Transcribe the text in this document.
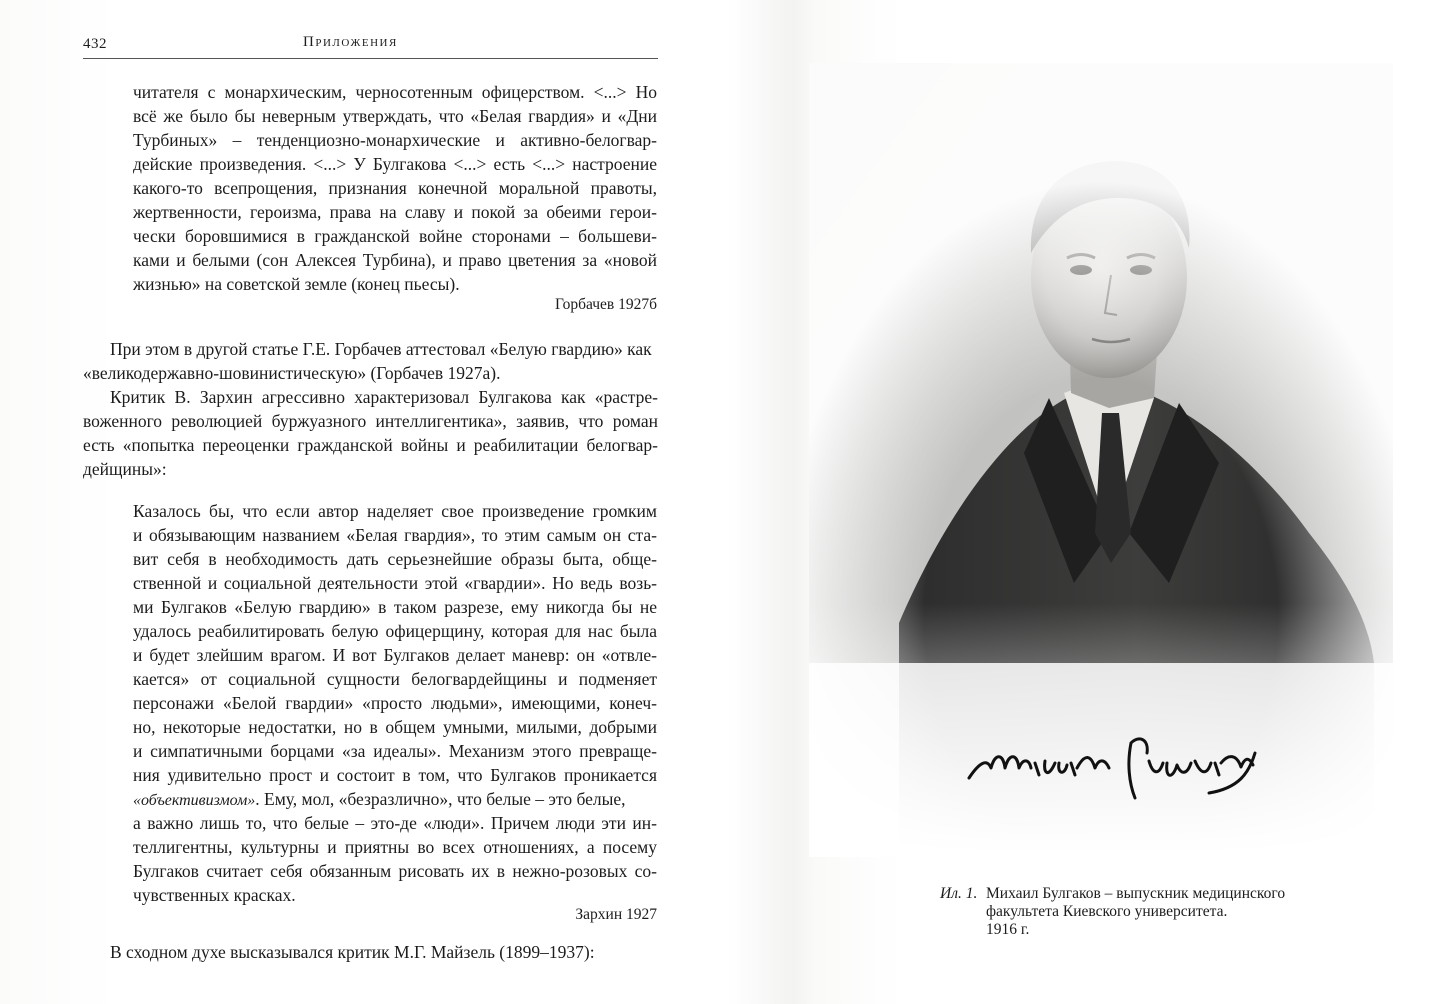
432	Приложения
читателя с монархическим, черносотенным офицерством. <...> Но
всё же было бы неверным утверждать, что «Белая гвардия» и «Дни
Турбиных» – тенденциозно-монархические и активно-белогвар-
дейские произведения. <...> У Булгакова <...> есть <...> настроение
какого-то всепрощения, признания конечной моральной правоты,
жертвенности, героизма, права на славу и покой за обеими герои-
чески боровшимися в гражданской войне сторонами – большеви-
ками и белыми (сон Алексея Турбина), и право цветения за «новой
жизнью» на советской земле (конец пьесы).
Горбачев 1927б
При этом в другой статье Г.Е. Горбачев аттестовал «Белую гвардию» как
«великодержавно-шовинистическую» (Горбачев 1927а).
Критик В. Зархин агрессивно характеризовал Булгакова как «растре-
воженного революцией буржуазного интеллигентика», заявив, что роман
есть «попытка переоценки гражданской войны и реабилитации белогвар-
дейщины»:
Казалось бы, что если автор наделяет свое произведение громким
и обязывающим названием «Белая гвардия», то этим самым он ста-
вит себя в необходимость дать серьезнейшие образы быта, обще-
ственной и социальной деятельности этой «гвардии». Но ведь возь-
ми Булгаков «Белую гвардию» в таком разрезе, ему никогда бы не
удалось реабилитировать белую офицерщину, которая для нас была
и будет злейшим врагом. И вот Булгаков делает маневр: он «отвле-
кается» от социальной сущности белогвардейщины и подменяет
персонажи «Белой гвардии» «просто людьми», имеющими, конеч-
но, некоторые недостатки, но в общем умными, милыми, добрыми
и симпатичными борцами «за идеалы». Механизм этого превраще-
ния удивительно прост и состоит в том, что Булгаков проникается
«объективизмом». Ему, мол, «безразлично», что белые – это белые,
а важно лишь то, что белые – это-де «люди». Причем люди эти ин-
теллигентны, культурны и приятны во всех отношениях, а посему
Булгаков считает себя обязанным рисовать их в нежно-розовых со-
чувственных красках.
Зархин 1927
В сходном духе высказывался критик М.Г. Майзель (1899–1937):
Ил. 1. Михаил Булгаков – выпускник медицинского
факультета Киевского университета.
1916 г.
